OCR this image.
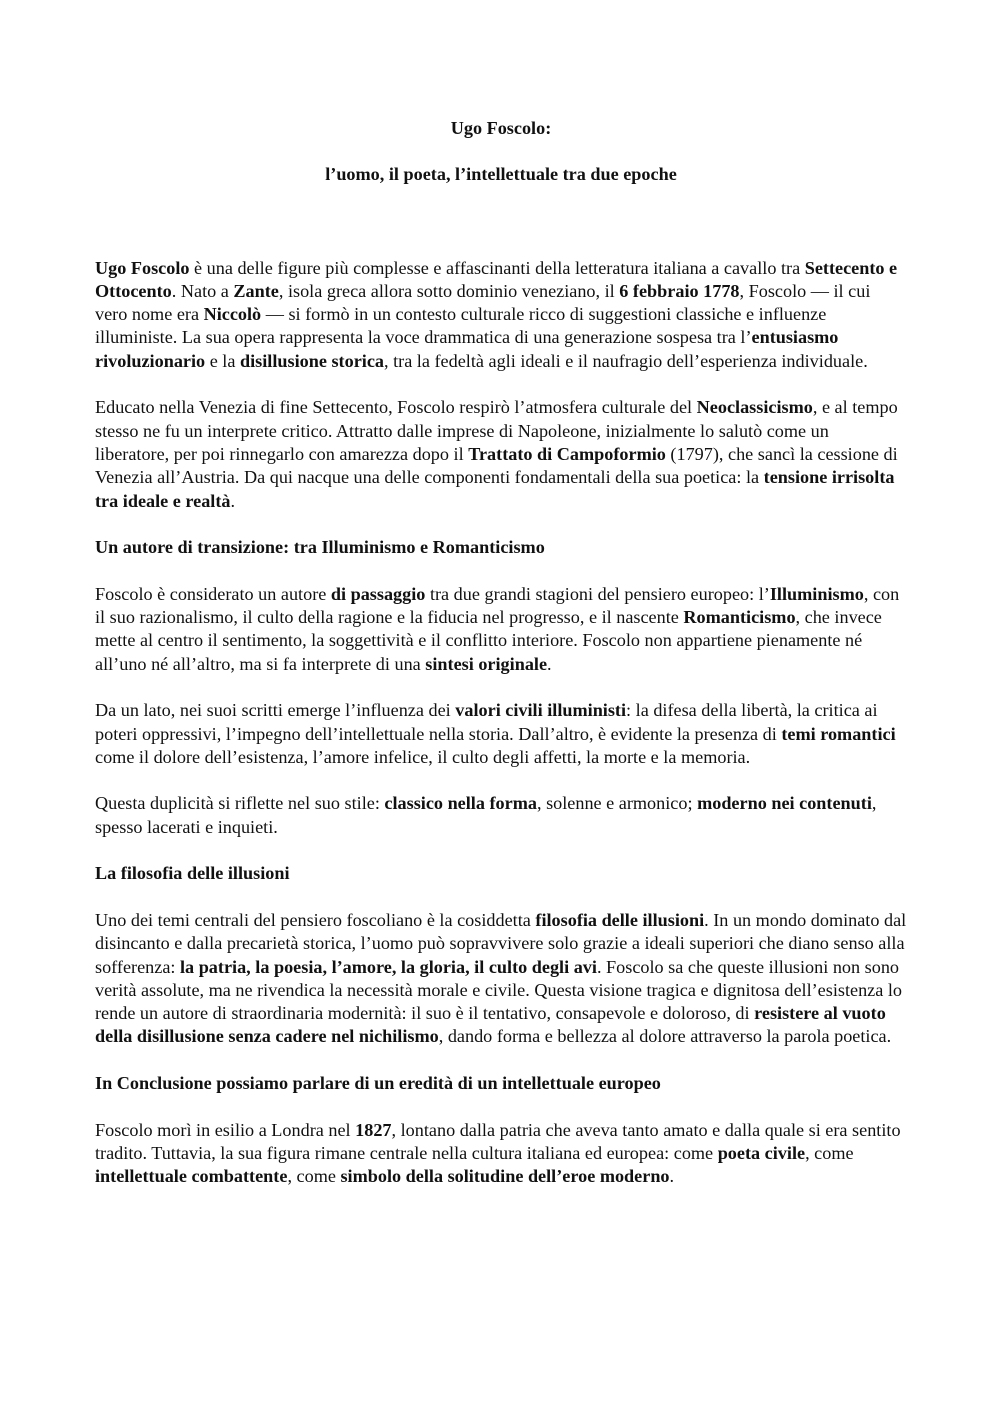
Ugo Foscolo:
l’uomo, il poeta, l’intellettuale tra due epoche

Ugo Foscolo è una delle figure più complesse e affascinanti della letteratura italiana a cavallo tra Settecento e Ottocento. Nato a Zante, isola greca allora sotto dominio veneziano, il 6 febbraio 1778, Foscolo — il cui vero nome era Niccolò — si formò in un contesto culturale ricco di suggestioni classiche e influenze illuministe. La sua opera rappresenta la voce drammatica di una generazione sospesa tra l’entusiasmo rivoluzionario e la disillusione storica, tra la fedeltà agli ideali e il naufragio dell’esperienza individuale.

Educato nella Venezia di fine Settecento, Foscolo respirò l’atmosfera culturale del Neoclassicismo, e al tempo stesso ne fu un interprete critico. Attratto dalle imprese di Napoleone, inizialmente lo salutò come un liberatore, per poi rinnegarlo con amarezza dopo il Trattato di Campoformio (1797), che sancì la cessione di Venezia all’Austria. Da qui nacque una delle componenti fondamentali della sua poetica: la tensione irrisolta tra ideale e realtà.

Un autore di transizione: tra Illuminismo e Romanticismo

Foscolo è considerato un autore di passaggio tra due grandi stagioni del pensiero europeo: l’Illuminismo, con il suo razionalismo, il culto della ragione e la fiducia nel progresso, e il nascente Romanticismo, che invece mette al centro il sentimento, la soggettività e il conflitto interiore. Foscolo non appartiene pienamente né all’uno né all’altro, ma si fa interprete di una sintesi originale.

Da un lato, nei suoi scritti emerge l’influenza dei valori civili illuministi: la difesa della libertà, la critica ai poteri oppressivi, l’impegno dell’intellettuale nella storia. Dall’altro, è evidente la presenza di temi romantici come il dolore dell’esistenza, l’amore infelice, il culto degli affetti, la morte e la memoria.

Questa duplicità si riflette nel suo stile: classico nella forma, solenne e armonico; moderno nei contenuti, spesso lacerati e inquieti.

La filosofia delle illusioni

Uno dei temi centrali del pensiero foscoliano è la cosiddetta filosofia delle illusioni. In un mondo dominato dal disincanto e dalla precarietà storica, l’uomo può sopravvivere solo grazie a ideali superiori che diano senso alla sofferenza: la patria, la poesia, l’amore, la gloria, il culto degli avi. Foscolo sa che queste illusioni non sono verità assolute, ma ne rivendica la necessità morale e civile. Questa visione tragica e dignitosa dell’esistenza lo rende un autore di straordinaria modernità: il suo è il tentativo, consapevole e doloroso, di resistere al vuoto della disillusione senza cadere nel nichilismo, dando forma e bellezza al dolore attraverso la parola poetica.

In Conclusione possiamo parlare di un eredità di un intellettuale europeo

Foscolo morì in esilio a Londra nel 1827, lontano dalla patria che aveva tanto amato e dalla quale si era sentito tradito. Tuttavia, la sua figura rimane centrale nella cultura italiana ed europea: come poeta civile, come intellettuale combattente, come simbolo della solitudine dell’eroe moderno.
